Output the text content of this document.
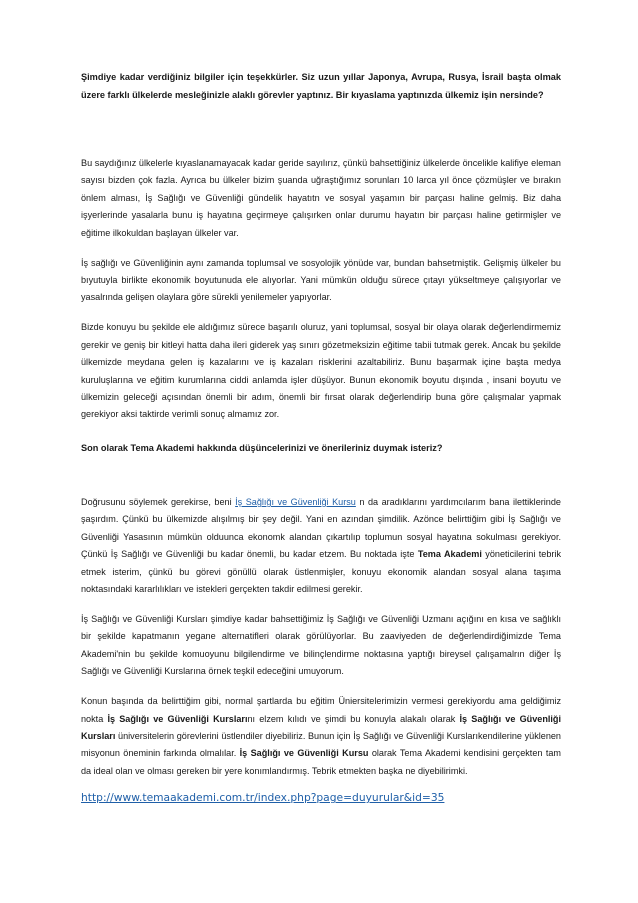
Şimdiye kadar verdiğiniz bilgiler için teşekkürler. Siz uzun yıllar Japonya, Avrupa, Rusya, İsrail başta olmak üzere farklı ülkelerde mesleğinizle alaklı görevler yaptınız. Bir kıyaslama yaptınızda ülkemiz işin nersinde?

Bu saydığınız ülkelerle kıyaslanamayacak kadar geride sayılırız, çünkü bahsettiğiniz ülkelerde öncelikle kalifiye eleman sayısı bizden çok fazla. Ayrıca bu ülkeler bizim şuanda uğraştığımız sorunları 10 larca yıl önce çözmüşler ve bırakın önlem alması, İş Sağlığı ve Güvenliği gündelik hayatıtn ve sosyal yaşamın bir parçası haline gelmiş. Biz daha işyerlerinde yasalarla bunu iş hayatına geçirmeye çalışırken onlar durumu hayatın bir parçası haline getirmişler ve eğitime ilkokuldan başlayan ülkeler var.

İş sağlığı ve Güvenliğinin aynı zamanda toplumsal ve sosyolojik yönüde var, bundan bahsetmiştik. Gelişmiş ülkeler bu bıyutuyla birlikte ekonomik boyutunuda ele alıyorlar. Yani mümkün olduğu sürece çıtayı yükseltmeye çalışıyorlar ve yasalrında gelişen olaylara göre sürekli yenilemeler yapıyorlar.

Bizde konuyu bu şekilde ele aldığımız sürece başarılı oluruz, yani toplumsal, sosyal bir olaya olarak değerlendirmemiz gerekir ve geniş bir kitleyi hatta daha ileri giderek yaş sınırı gözetmeksizin eğitime tabii tutmak gerek. Ancak bu şekilde ülkemizde meydana gelen iş kazalarını ve iş kazaları risklerini azaltabiliriz. Bunu başarmak içine başta medya kuruluşlarına ve eğitim kurumlarına ciddi anlamda işler düşüyor. Bunun ekonomik boyutu dışında , insani boyutu ve ülkemizin geleceği açısından önemli bir adım, önemli bir fırsat olarak değerlendirip buna göre çalışmalar yapmak gerekiyor aksi taktirde verimli sonuç almamız zor.

Son olarak Tema Akademi hakkında düşüncelerinizi ve önerileriniz duymak isteriz?

Doğrusunu söylemek gerekirse, beni İş Sağlığı ve Güvenliği Kursu n da aradıklarını yardımcılarım bana ilettiklerinde şaşırdım. Çünkü bu ülkemizde alışılmış bir şey değil. Yani en azından şimdilik. Azönce belirttiğim gibi İş Sağlığı ve Güvenliği Yasasının mümkün olduunca ekonomk alandan çıkartılıp toplumun sosyal hayatına sokulması gerekiyor. Çünkü İş Sağlığı ve Güvenliği bu kadar önemli, bu kadar etzem. Bu noktada işte Tema Akademi yöneticilerini tebrik etmek isterim, çünkü bu görevi gönüllü olarak üstlenmişler, konuyu ekonomik alandan sosyal alana taşıma noktasındaki kararlılıkları ve istekleri gerçekten takdir edilmesi gerekir.

İş Sağlığı ve Güvenliği Kursları şimdiye kadar bahsettiğimiz İş Sağlığı ve Güvenliği Uzmanı açığını en kısa ve sağlıklı bir şekilde kapatmanın yegane alternatifleri olarak görülüyorlar. Bu zaaviyeden de değerlendirdiğimizde Tema Akademi'nin bu şekilde komuoyunu bilgilendirme ve bilinçlendirme noktasına yaptığı bireysel çalışamalrın diğer İş Sağlığı ve Güvenliği Kurslarına örnek teşkil edeceğini umuyorum.

Konun başında da belirttiğim gibi, normal şartlarda bu eğitim Üniersitelerimizin vermesi gerekiyordu ama geldiğimiz nokta İş Sağlığı ve Güvenliği Kurslarını elzem kılıdı ve şimdi bu konuyla alakalı olarak İş Sağlığı ve Güvenliği Kursları üniversitelerin görevlerini üstlendiler diyebiliriz. Bunun için İş Sağlığı ve Güvenliği Kurslarıkendilerine yüklenen misyonun öneminin farkında olmalılar. İş Sağlığı ve Güvenliği Kursu olarak Tema Akademi kendisini gerçekten tam da ideal olan ve olması gereken bir yere konımlandırmış. Tebrik etmekten başka ne diyebilirimki.

http://www.temaakademi.com.tr/index.php?page=duyurular&id=35
